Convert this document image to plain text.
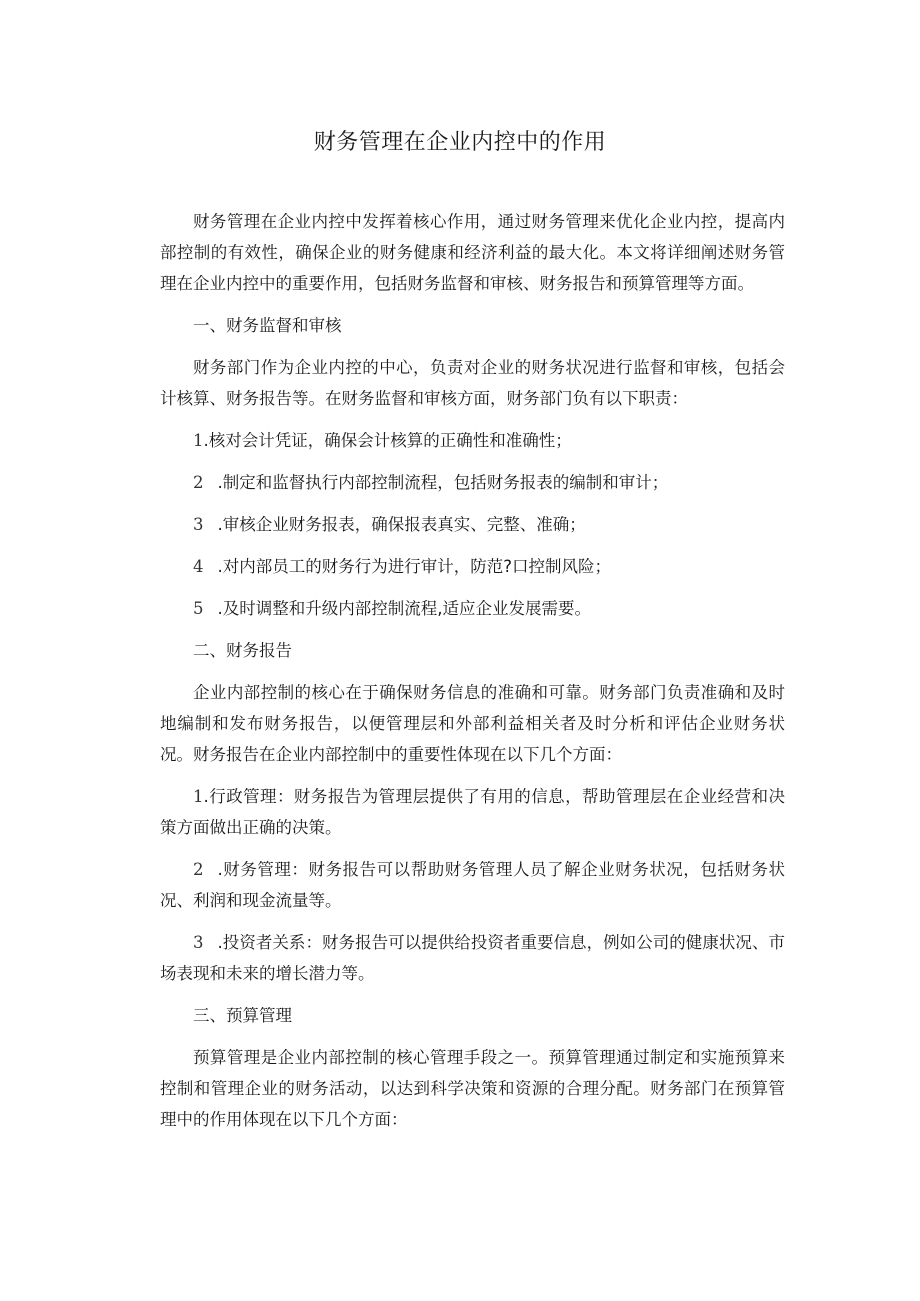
财务管理在企业内控中的作用

财务管理在企业内控中发挥着核心作用，通过财务管理来优化企业内控，提高内部控制的有效性，确保企业的财务健康和经济利益的最大化。本文将详细阐述财务管理在企业内控中的重要作用，包括财务监督和审核、财务报告和预算管理等方面。

一、财务监督和审核

财务部门作为企业内控的中心，负责对企业的财务状况进行监督和审核，包括会计核算、财务报告等。在财务监督和审核方面，财务部门负有以下职责：

1.核对会计凭证，确保会计核算的正确性和准确性；

2 .制定和监督执行内部控制流程，包括财务报表的编制和审计；

3 .审核企业财务报表，确保报表真实、完整、准确；

4 .对内部员工的财务行为进行审计，防范?口控制风险；

5 .及时调整和升级内部控制流程,适应企业发展需要。

二、财务报告

企业内部控制的核心在于确保财务信息的准确和可靠。财务部门负责准确和及时地编制和发布财务报告，以便管理层和外部利益相关者及时分析和评估企业财务状况。财务报告在企业内部控制中的重要性体现在以下几个方面：

1.行政管理：财务报告为管理层提供了有用的信息，帮助管理层在企业经营和决策方面做出正确的决策。

2 .财务管理：财务报告可以帮助财务管理人员了解企业财务状况，包括财务状况、利润和现金流量等。

3 .投资者关系：财务报告可以提供给投资者重要信息，例如公司的健康状况、市场表现和未来的增长潜力等。

三、预算管理

预算管理是企业内部控制的核心管理手段之一。预算管理通过制定和实施预算来控制和管理企业的财务活动，以达到科学决策和资源的合理分配。财务部门在预算管理中的作用体现在以下几个方面：
